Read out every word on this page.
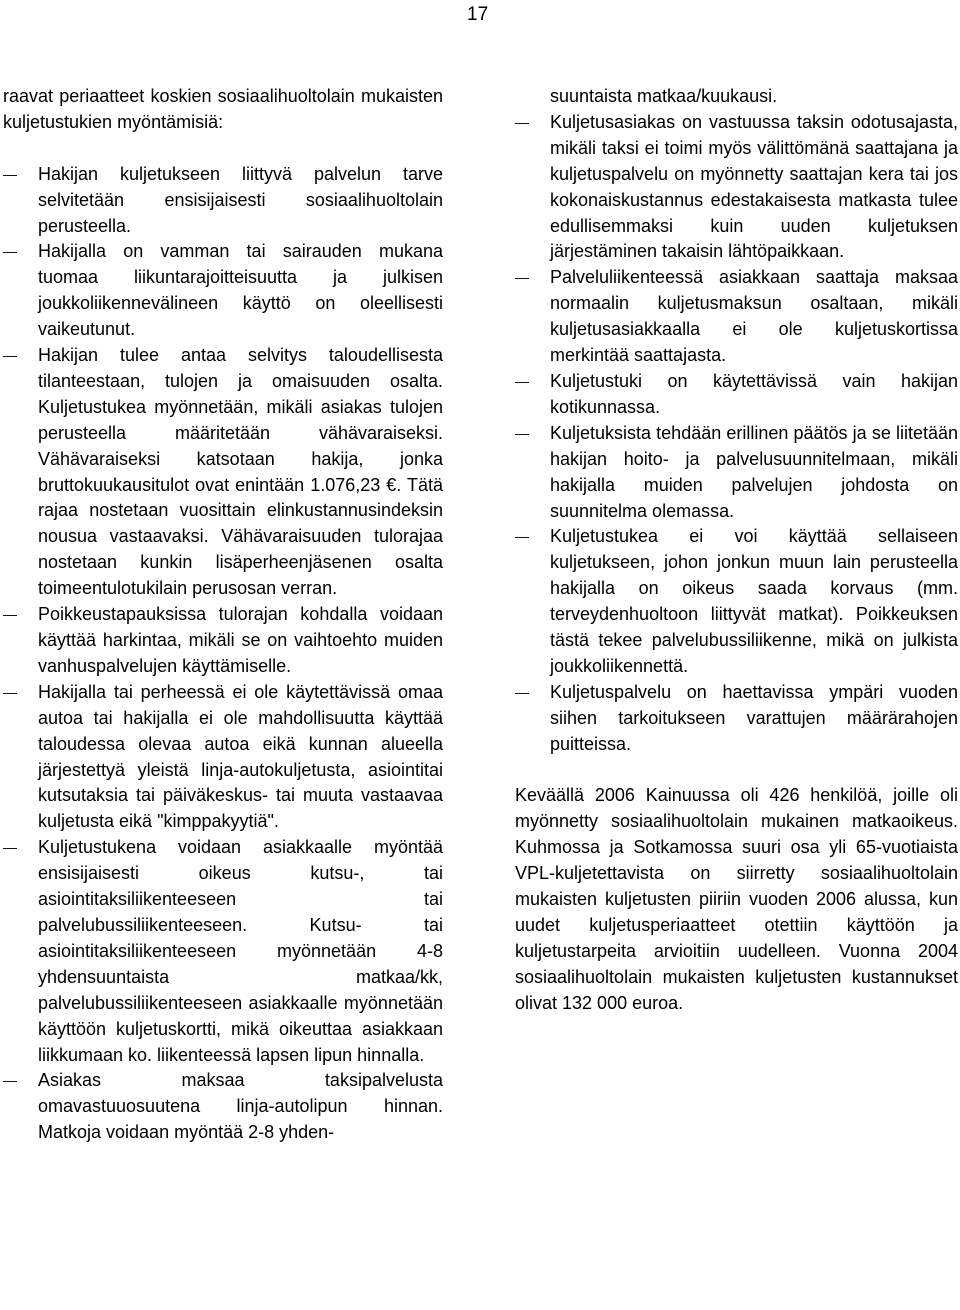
17

raavat periaatteet koskien sosiaalihuoltolain mukaisten kuljetustukien myöntämisiä:

— Hakijan kuljetukseen liittyvä palvelun tarve selvitetään ensisijaisesti sosiaalihuoltolain perusteella.
— Hakijalla on vamman tai sairauden mukana tuomaa liikuntarajoitteisuutta ja julkisen joukkoliikennevälineen käyttö on oleellisesti vaikeutunut.
— Hakijan tulee antaa selvitys taloudellisesta tilanteestaan, tulojen ja omaisuuden osalta. Kuljetustukea myönnetään, mikäli asiakas tulojen perusteella määritetään vähävaraiseksi. Vähävaraiseksi katsotaan hakija, jonka bruttokuukausitulot ovat enintään 1.076,23 €. Tätä rajaa nostetaan vuosittain elinkustannusindeksin nousua vastaavaksi. Vähävaraisuuden tulorajaa nostetaan kunkin lisäperheenjäsenen osalta toimeentulotukilain perusosan verran.
— Poikkeustapauksissa tulorajan kohdalla voidaan käyttää harkintaa, mikäli se on vaihtoehto muiden vanhuspalvelujen käyttämiselle.
— Hakijalla tai perheessä ei ole käytettävissä omaa autoa tai hakijalla ei ole mahdollisuutta käyttää taloudessa olevaa autoa eikä kunnan alueella järjestettyä yleistä linja-autokuljetusta, asiointitai kutsutaksia tai päiväkeskus- tai muuta vastaavaa kuljetusta eikä "kimppakyytiä".
— Kuljetustukena voidaan asiakkaalle myöntää ensisijaisesti oikeus kutsu-, tai asiointitaksiliikenteeseen tai palvelubussiliikenteeseen. Kutsu- tai asiointitaksiliikenteeseen myönnetään 4-8 yhdensuuntaista matkaa/kk, palvelubussiliikenteeseen asiakkaalle myönnetään käyttöön kuljetuskortti, mikä oikeuttaa asiakkaan liikkumaan ko. liikenteessä lapsen lipun hinnalla.
— Asiakas maksaa taksipalvelusta omavastuuosuutena linja-autolipun hinnan. Matkoja voidaan myöntää 2-8 yhden-
suuntaista matkaa/kuukausi.
— Kuljetusasiakas on vastuussa taksin odotusajasta, mikäli taksi ei toimi myös välittömänä saattajana ja kuljetuspalvelu on myönnetty saattajan kera tai jos kokonaiskustannus edestakaisesta matkasta tulee edullisemmaksi kuin uuden kuljetuksen järjestäminen takaisin lähtöpaikkaan.
— Palveluliikenteessä asiakkaan saattaja maksaa normaalin kuljetusmaksun osaltaan, mikäli kuljetusasiakkaalla ei ole kuljetuskortissa merkintää saattajasta.
— Kuljetustuki on käytettävissä vain hakijan kotikunnassa.
— Kuljetuksista tehdään erillinen päätös ja se liitetään hakijan hoito- ja palvelusuunnitelmaan, mikäli hakijalla muiden palvelujen johdosta on suunnitelma olemassa.
— Kuljetustukea ei voi käyttää sellaiseen kuljetukseen, johon jonkun muun lain perusteella hakijalla on oikeus saada korvaus (mm. terveydenhuoltoon liittyvät matkat). Poikkeuksen tästä tekee palvelubussiliikenne, mikä on julkista joukkoliikennettä.
— Kuljetuspalvelu on haettavissa ympäri vuoden siihen tarkoitukseen varattujen määrärahojen puitteissa.

Keväällä 2006 Kainuussa oli 426 henkilöä, joille oli myönnetty sosiaalihuoltolain mukainen matkaoikeus. Kuhmossa ja Sotkamossa suuri osa yli 65-vuotiaista VPL-kuljetettavista on siirretty sosiaalihuoltolain mukaisten kuljetusten piiriin vuoden 2006 alussa, kun uudet kuljetusperiaatteet otettiin käyttöön ja kuljetustarpeita arvioitiin uudelleen. Vuonna 2004 sosiaalihuoltolain mukaisten kuljetusten kustannukset olivat 132 000 euroa.
